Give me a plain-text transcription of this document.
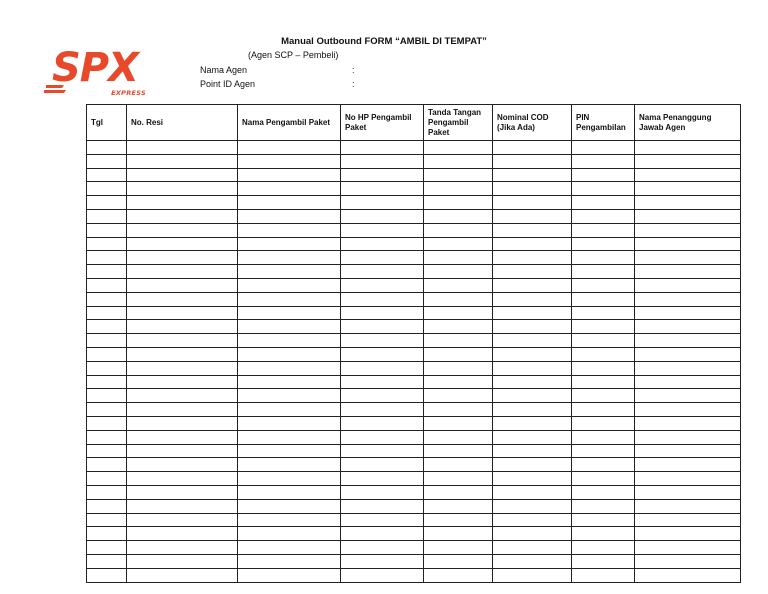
SPX
EXPRESS
Manual Outbound FORM “AMBIL DI TEMPAT”
(Agen SCP – Pembeli)
Nama Agen	:
Point ID Agen	:
Tgl	No. Resi	Nama Pengambil Paket	No HP Pengambil Paket	Tanda Tangan Pengambil Paket	Nominal COD (Jika Ada)	PIN Pengambilan	Nama Penanggung Jawab Agen
